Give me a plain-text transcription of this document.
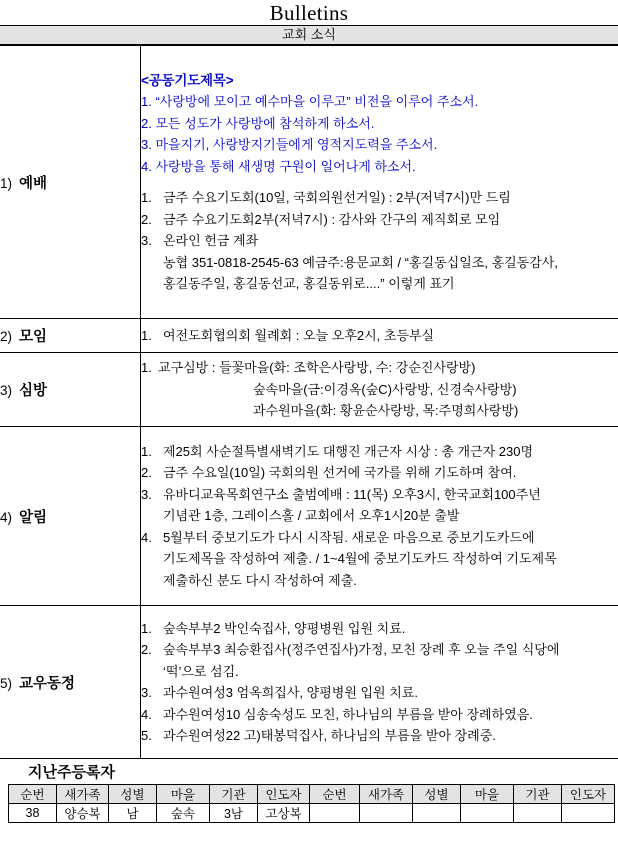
Bulletins
교회 소식
1) 예배	
<공동기도제목>
1. “사랑방에 모이고 예수마을 이루고” 비전을 이루어 주소서.
2. 모든 성도가 사랑방에 참석하게 하소서.
3. 마을지기, 사랑방지기들에게 영적지도력을 주소서.
4. 사랑방을 통해 새생명 구원이 일어나게 하소서.
1. 금주 수요기도회(10일, 국회의원선거일) : 2부(저녁7시)만 드림
2. 금주 수요기도회2부(저녁7시) : 감사와 간구의 제직회로 모임
3. 온라인 헌금 계좌
농협 351-0818-2545-63 예금주:용문교회 / “홍길동십일조, 홍길동감사,
홍길동주일, 홍길동선교, 홍길동위로....” 이렇게 표기

2) 모임	1. 여전도회협의회 월례회 : 오늘 오후2시, 초등부실

3) 심방	1. 교구심방 : 들꽃마을(화: 조학은사랑방, 수: 강순진사랑방)
숲속마을(금:이경옥(숲C)사랑방, 신경숙사랑방)
과수원마을(화: 황윤순사랑방, 목:주명희사랑방)

4) 알림	
1. 제25회 사순절특별새벽기도 대행진 개근자 시상 : 총 개근자 230명
2. 금주 수요일(10일) 국회의원 선거에 국가를 위해 기도하며 참여.
3. 유바디교육목회연구소 출범예배 : 11(목) 오후3시, 한국교회100주년
기념관 1층, 그레이스홀 / 교회에서 오후1시20분 출발
4. 5월부터 중보기도가 다시 시작됨. 새로운 마음으로 중보기도카드에
기도제목을 작성하여 제출. / 1~4월에 중보기도카드 작성하여 기도제목
제출하신 분도 다시 작성하여 제출.

5) 교우동정	
1. 숲속부부2 박인숙집사, 양평병원 입원 치료.
2. 숲속부부3 최승환집사(정주연집사)가정, 모친 장례 후 오늘 주일 식당에
‘떡’으로 섬김.
3. 과수원여성3 엄옥희집사, 양평병원 입원 치료.
4. 과수원여성10 심송숙성도 모친, 하나님의 부름을 받아 장례하였음.
5. 과수원여성22 고)태봉덕집사, 하나님의 부름을 받아 장례중.
지난주등록자
순번	새가족	성별	마을	기관	인도자	순번	새가족	성별	마을	기관	인도자
38	양승복	남	숲속	3남	고상복						
